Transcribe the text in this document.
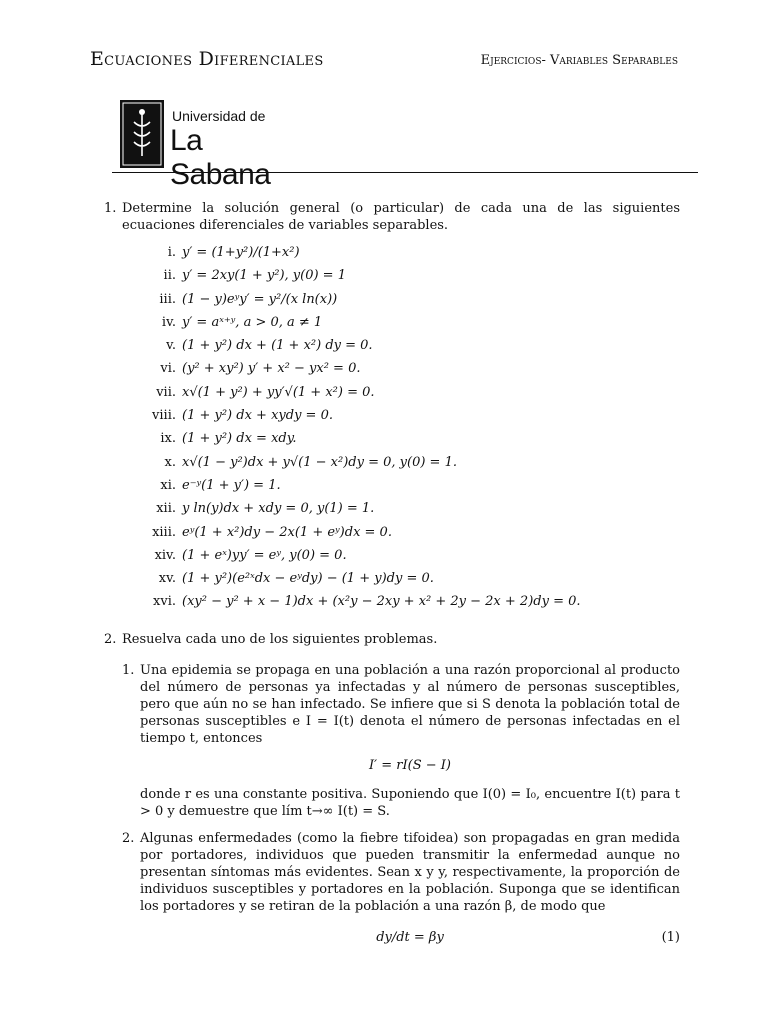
Ecuaciones Diferenciales	Ejercicios- Variables Separables
Universidad de
La Sabana
1. Determine la solución general (o particular) de cada una de las siguientes ecuaciones diferenciales de variables separables.
i. y′ = (1+y²)/(1+x²)
ii. y′ = 2xy(1 + y²), y(0) = 1
iii. (1 − y)eʸy′ = y²/(x ln(x))
iv. y′ = aˣ⁺ʸ, a > 0, a ≠ 1
v. (1 + y²) dx + (1 + x²) dy = 0.
vi. (y² + xy²) y′ + x² − yx² = 0.
vii. x√(1 + y²) + yy′√(1 + x²) = 0.
viii. (1 + y²) dx + xydy = 0.
ix. (1 + y²) dx = xdy.
x. x√(1 − y²)dx + y√(1 − x²)dy = 0, y(0) = 1.
xi. e⁻ʸ(1 + y′) = 1.
xii. y ln(y)dx + xdy = 0, y(1) = 1.
xiii. eʸ(1 + x²)dy − 2x(1 + eʸ)dx = 0.
xiv. (1 + eˣ)yy′ = eʸ, y(0) = 0.
xv. (1 + y²)(e²ˣdx − eʸdy) − (1 + y)dy = 0.
xvi. (xy² − y² + x − 1)dx + (x²y − 2xy + x² + 2y − 2x + 2)dy = 0.
2. Resuelva cada uno de los siguientes problemas.
1. Una epidemia se propaga en una población a una razón proporcional al producto del número de personas ya infectadas y al número de personas susceptibles, pero que aún no se han infectado. Se infiere que si S denota la población total de personas susceptibles e I = I(t) denota el número de personas infectadas en el tiempo t, entonces
I′ = rI(S − I)
donde r es una constante positiva. Suponiendo que I(0) = I₀, encuentre I(t) para t > 0 y demuestre que lím t→∞ I(t) = S.
2. Algunas enfermedades (como la fiebre tifoidea) son propagadas en gran medida por portadores, individuos que pueden transmitir la enfermedad aunque no presentan síntomas más evidentes. Sean x y y, respectivamente, la proporción de individuos susceptibles y portadores en la población. Suponga que se identifican los portadores y se retiran de la población a una razón β, de modo que
dy/dt = βy	(1)
